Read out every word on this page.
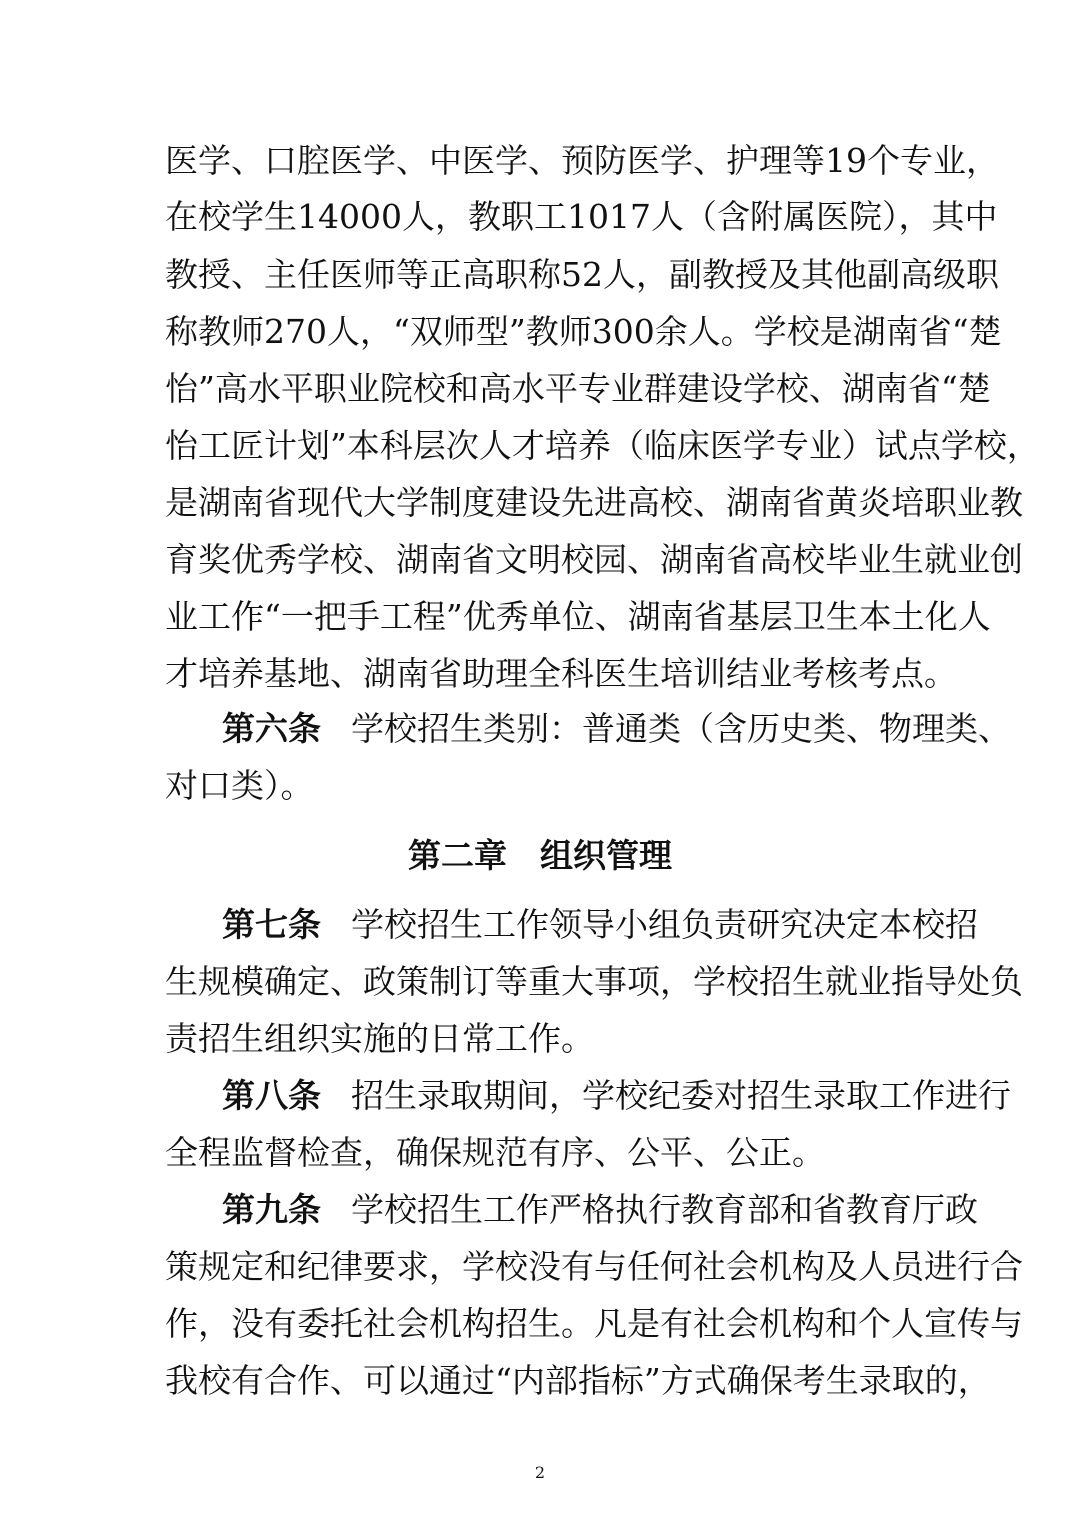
医学、口腔医学、中医学、预防医学、护理等19个专业，
在校学生14000人，教职工1017人（含附属医院），其中
教授、主任医师等正高职称52人，副教授及其他副高级职
称教师270人，“双师型”教师300余人。学校是湖南省“楚
怡”高水平职业院校和高水平专业群建设学校、湖南省“楚
怡工匠计划”本科层次人才培养（临床医学专业）试点学校，
是湖南省现代大学制度建设先进高校、湖南省黄炎培职业教
育奖优秀学校、湖南省文明校园、湖南省高校毕业生就业创
业工作“一把手工程”优秀单位、湖南省基层卫生本土化人
才培养基地、湖南省助理全科医生培训结业考核考点。
第六条 学校招生类别：普通类（含历史类、物理类、
对口类）。
第二章　组织管理
第七条 学校招生工作领导小组负责研究决定本校招
生规模确定、政策制订等重大事项，学校招生就业指导处负
责招生组织实施的日常工作。
第八条 招生录取期间，学校纪委对招生录取工作进行
全程监督检查，确保规范有序、公平、公正。
第九条 学校招生工作严格执行教育部和省教育厅政
策规定和纪律要求，学校没有与任何社会机构及人员进行合
作，没有委托社会机构招生。凡是有社会机构和个人宣传与
我校有合作、可以通过“内部指标”方式确保考生录取的，
2
